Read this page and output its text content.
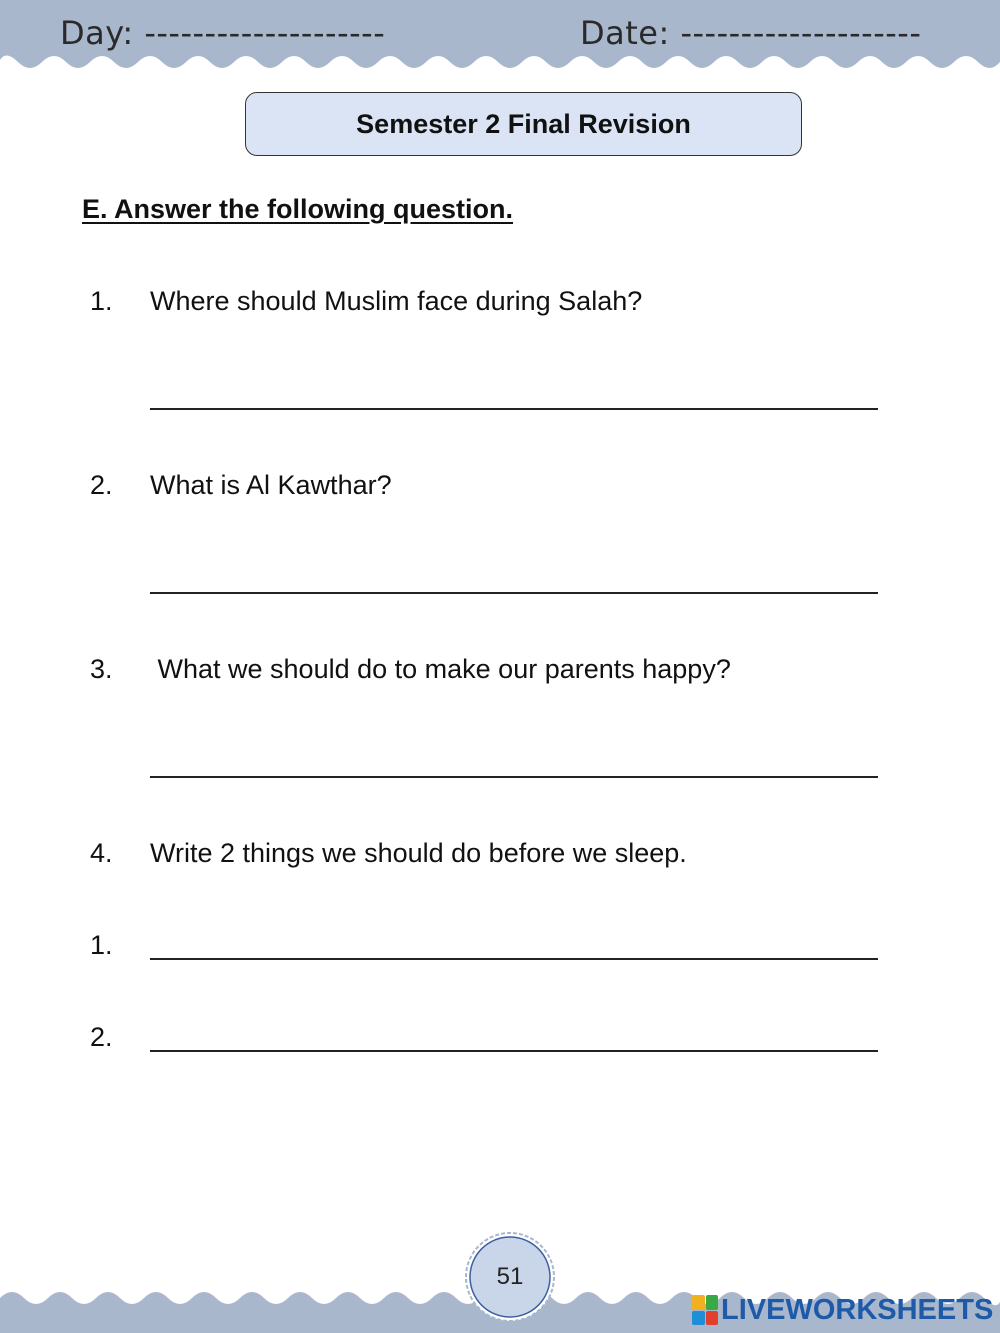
Day: --------------------	Date: --------------------
Semester 2 Final Revision
E. Answer the following question.
1. Where should Muslim face during Salah?
2. What is Al Kawthar?
3. What we should do to make our parents happy?
4. Write 2 things we should do before we sleep.
1.
2.
51
LIVEWORKSHEETS
